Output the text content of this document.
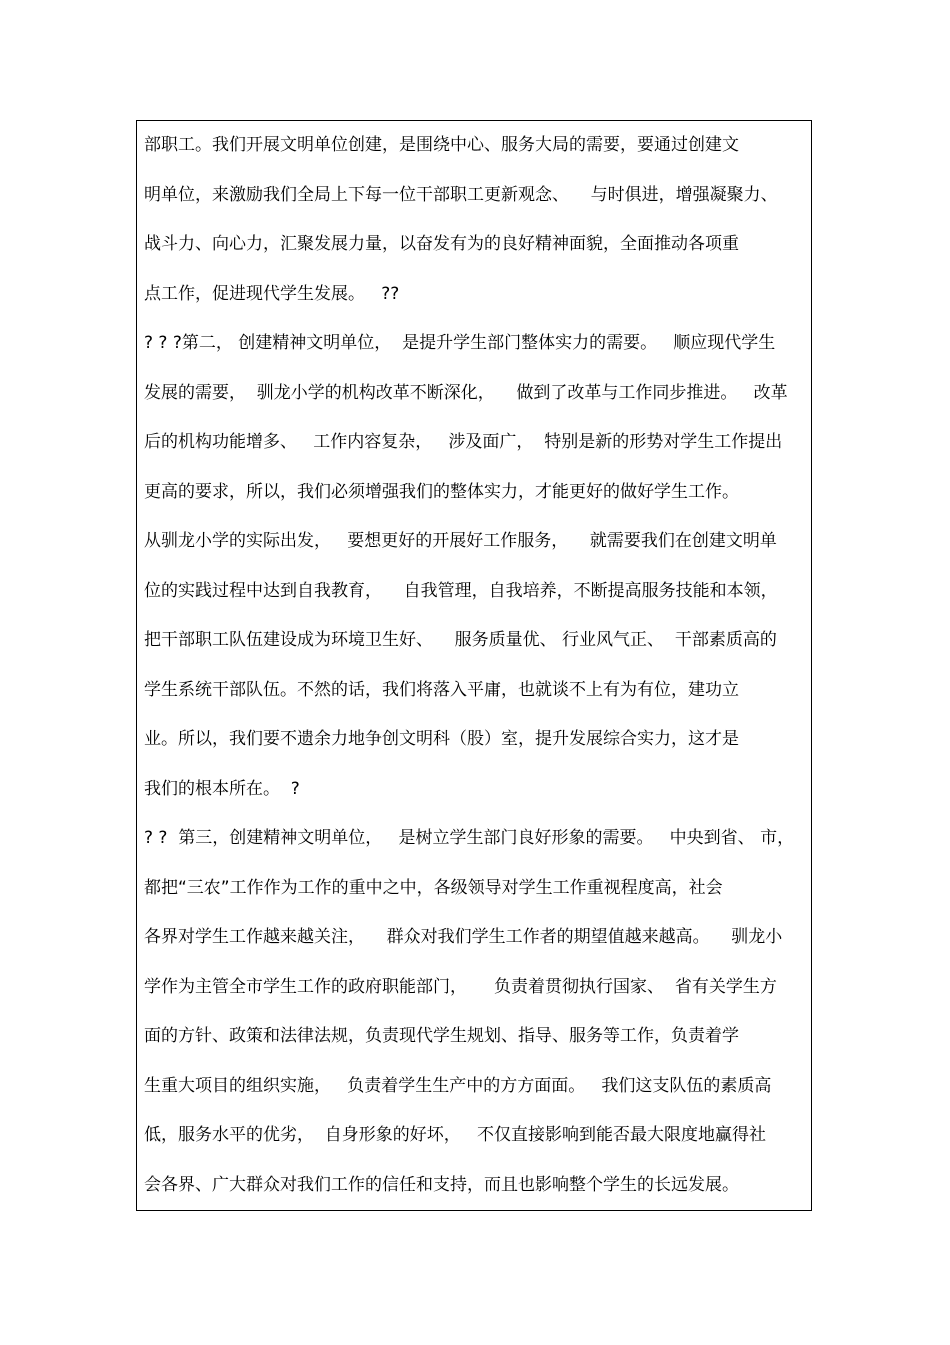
部职工。我们开展文明单位创建，是围绕中心、服务大局的需要，要通过创建文
明单位，来激励我们全局上下每一位干部职工更新观念、    与时俱进，增强凝聚力、
战斗力、向心力，汇聚发展力量，以奋发有为的良好精神面貌，全面推动各项重
点工作，促进现代学生发展。   ??
? ? ?第二， 创建精神文明单位，  是提升学生部门整体实力的需要。   顺应现代学生
发展的需要，  驯龙小学的机构改革不断深化，    做到了改革与工作同步推进。   改革
后的机构功能增多、   工作内容复杂，   涉及面广，  特别是新的形势对学生工作提出
更高的要求，所以，我们必须增强我们的整体实力，才能更好的做好学生工作。
从驯龙小学的实际出发，   要想更好的开展好工作服务，    就需要我们在创建文明单
位的实践过程中达到自我教育，    自我管理，自我培养，不断提高服务技能和本领，
把干部职工队伍建设成为环境卫生好、    服务质量优、 行业风气正、  干部素质高的
学生系统干部队伍。不然的话，我们将落入平庸，也就谈不上有为有位，建功立
业。所以，我们要不遗余力地争创文明科（股）室，提升发展综合实力，这才是
我们的根本所在。  ?
? ?  第三，创建精神文明单位，   是树立学生部门良好形象的需要。   中央到省、 市，
都把“三农”工作作为工作的重中之中，各级领导对学生工作重视程度高，社会
各界对学生工作越来越关注，    群众对我们学生工作者的期望值越来越高。    驯龙小
学作为主管全市学生工作的政府职能部门，     负责着贯彻执行国家、  省有关学生方
面的方针、政策和法律法规，负责现代学生规划、指导、服务等工作，负责着学
生重大项目的组织实施，   负责着学生生产中的方方面面。   我们这支队伍的素质高
低，服务水平的优劣，  自身形象的好坏，   不仅直接影响到能否最大限度地赢得社
会各界、广大群众对我们工作的信任和支持，而且也影响整个学生的长远发展。
